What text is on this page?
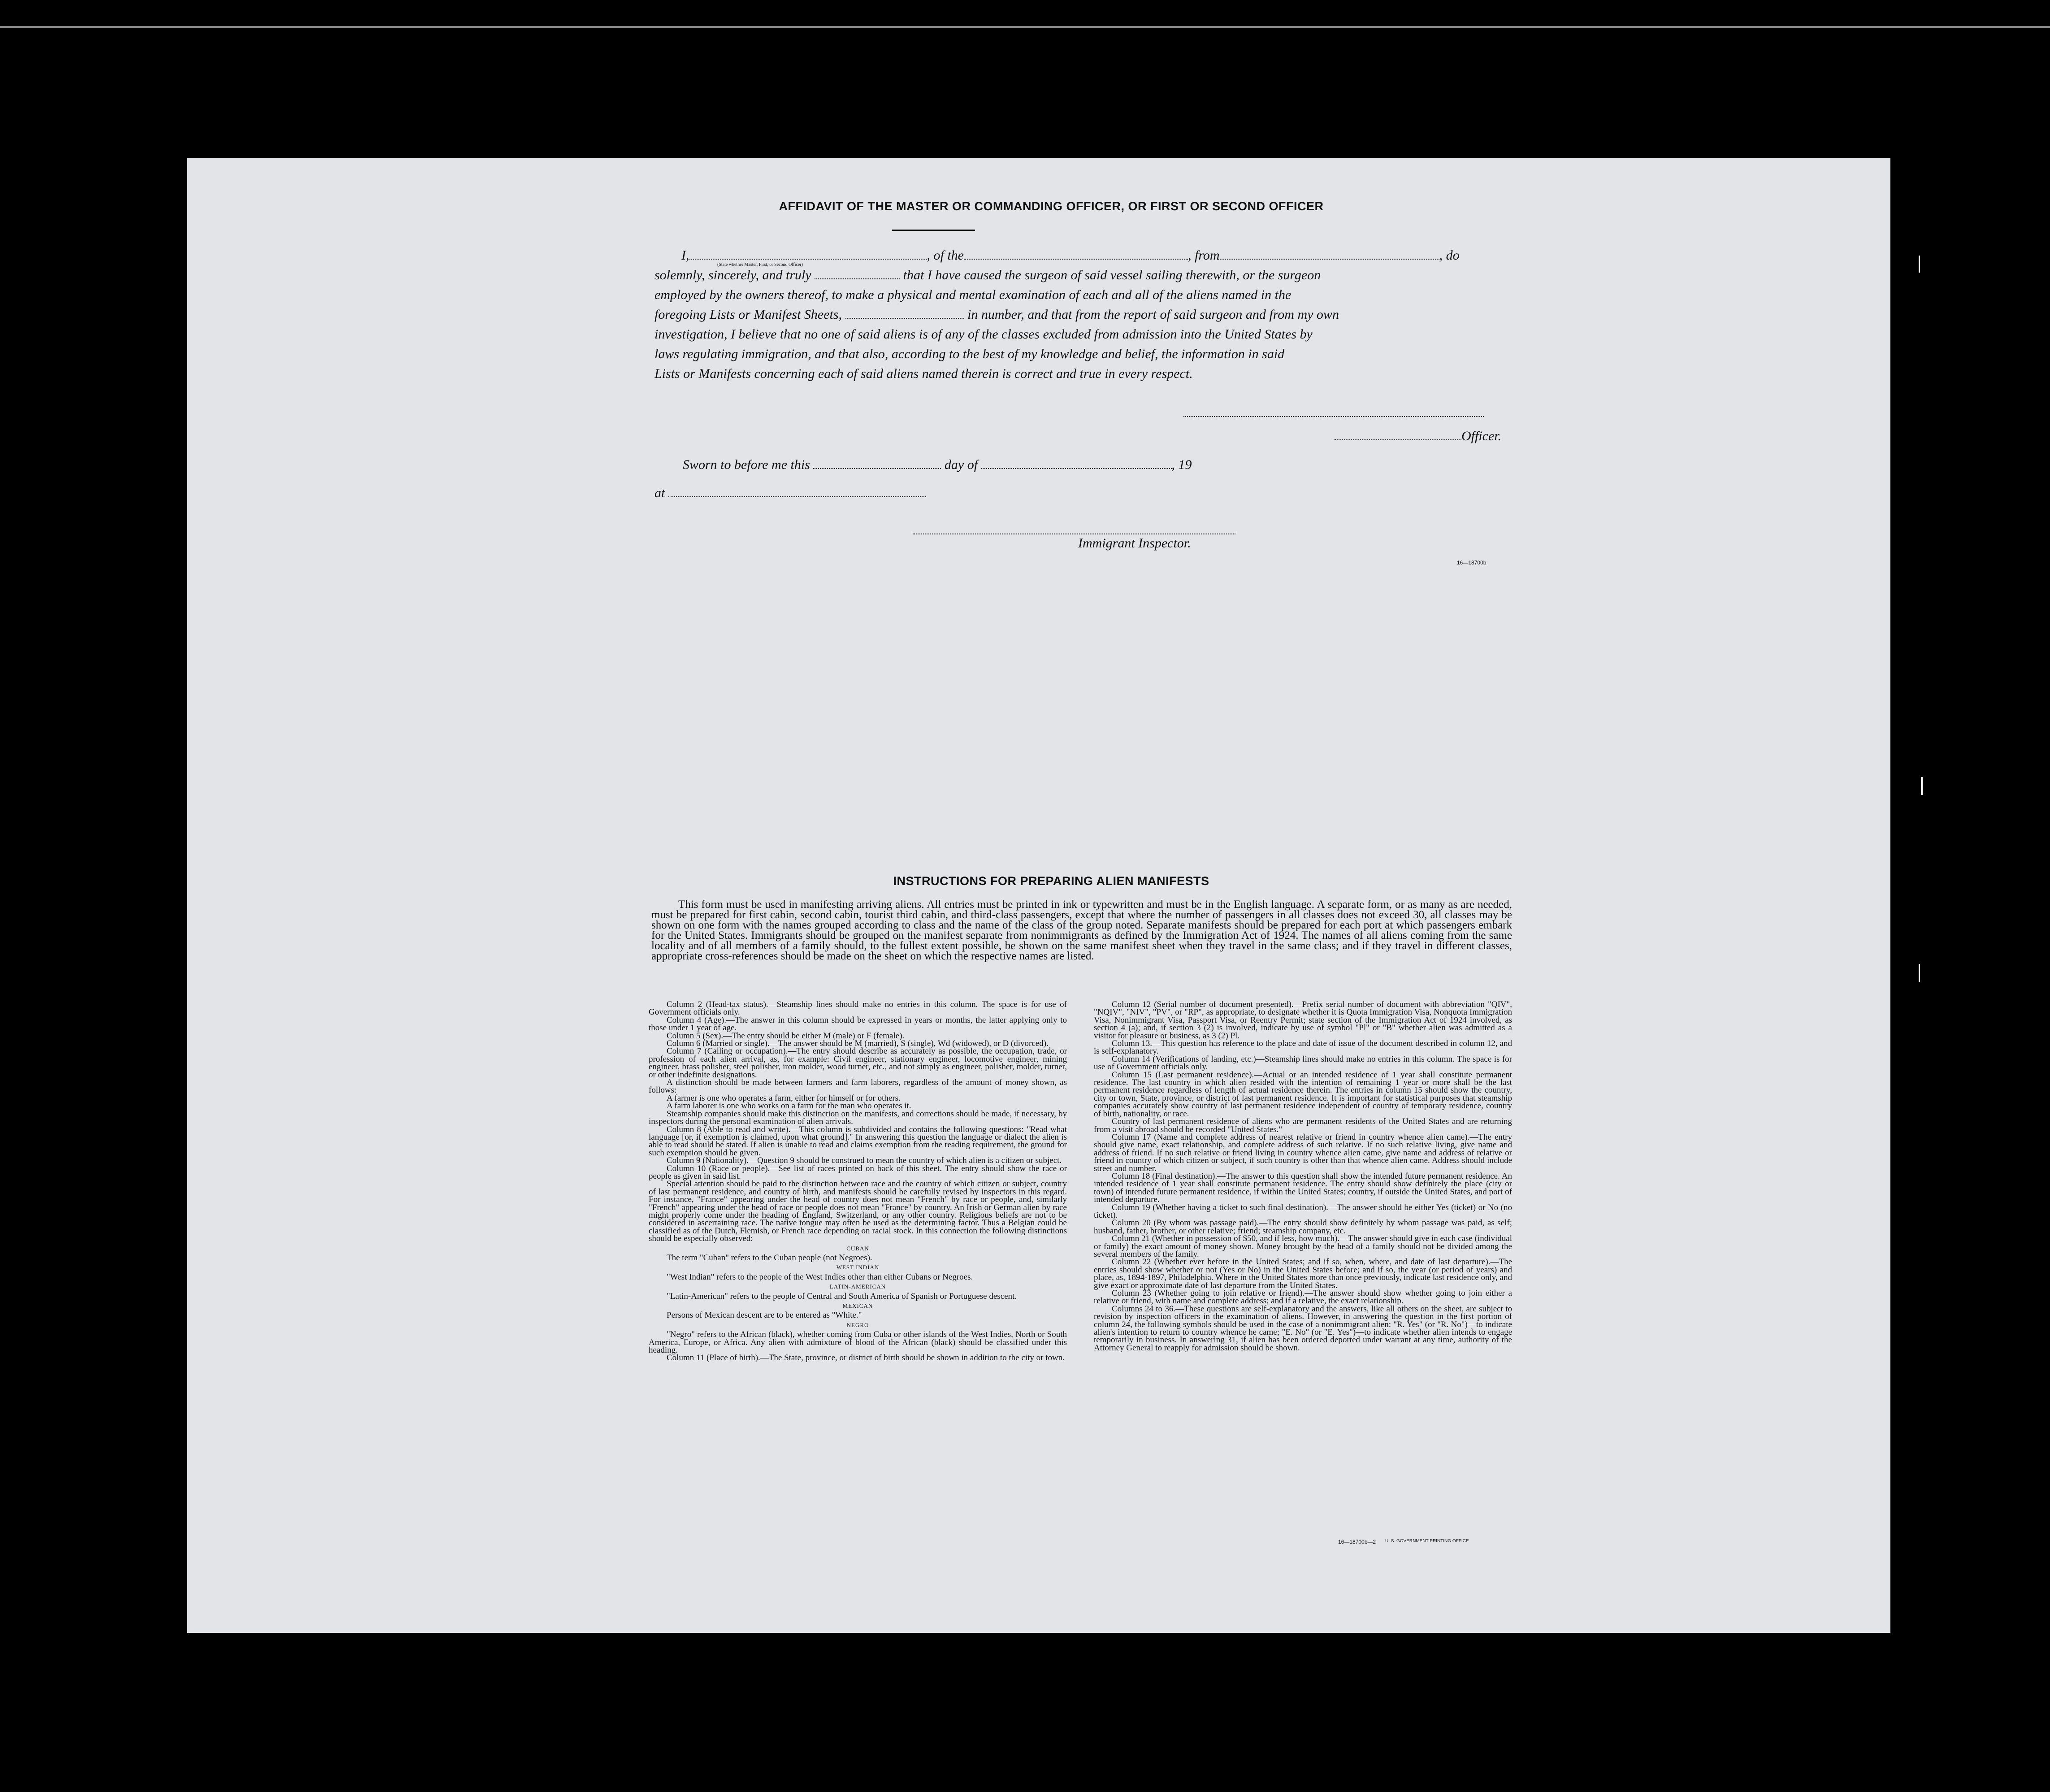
AFFIDAVIT OF THE MASTER OR COMMANDING OFFICER, OR FIRST OR SECOND OFFICER
I,	, of the	, from	, do
(State whether Master, First, or Second Officer)
solemnly, sincerely, and truly	that I have caused the surgeon of said vessel sailing therewith, or the surgeon
employed by the owners thereof, to make a physical and mental examination of each and all of the aliens named in the
foregoing Lists or Manifest Sheets,	in number, and that from the report of said surgeon and from my own
investigation, I believe that no one of said aliens is of any of the classes excluded from admission into the United States by
laws regulating immigration, and that also, according to the best of my knowledge and belief, the information in said
Lists or Manifests concerning each of said aliens named therein is correct and true in every respect.
Officer.
Sworn to before me this	day of	, 19
at
Immigrant Inspector.
16—18700b
INSTRUCTIONS FOR PREPARING ALIEN MANIFESTS
This form must be used in manifesting arriving aliens. All entries must be printed in ink or typewritten and must be in the English language. A separate form, or as many as are needed, must be prepared for first cabin, second cabin, tourist third cabin, and third-class passengers, except that where the number of passengers in all classes does not exceed 30, all classes may be shown on one form with the names grouped according to class and the name of the class of the group noted. Separate manifests should be prepared for each port at which passengers embark for the United States. Immigrants should be grouped on the manifest separate from nonimmigrants as defined by the Immigration Act of 1924. The names of all aliens coming from the same locality and of all members of a family should, to the fullest extent possible, be shown on the same manifest sheet when they travel in the same class; and if they travel in different classes, appropriate cross-references should be made on the sheet on which the respective names are listed.

Column 2 (Head-tax status).—Steamship lines should make no entries in this column. The space is for use of Government officials only.

Column 4 (Age).—The answer in this column should be expressed in years or months, the latter applying only to those under 1 year of age.

Column 5 (Sex).—The entry should be either M (male) or F (female).

Column 6 (Married or single).—The answer should be M (married), S (single), Wd (widowed), or D (divorced).

Column 7 (Calling or occupation).—The entry should describe as accurately as possible, the occupation, trade, or profession of each alien arrival, as, for example: Civil engineer, stationary engineer, locomotive engineer, mining engineer, brass polisher, steel polisher, iron molder, wood turner, etc., and not simply as engineer, polisher, molder, turner, or other indefinite designations.

A distinction should be made between farmers and farm laborers, regardless of the amount of money shown, as follows:

A farmer is one who operates a farm, either for himself or for others.

A farm laborer is one who works on a farm for the man who operates it.

Steamship companies should make this distinction on the manifests, and corrections should be made, if necessary, by inspectors during the personal examination of alien arrivals.

Column 8 (Able to read and write).—This column is subdivided and contains the following questions: "Read what language [or, if exemption is claimed, upon what ground]." In answering this question the language or dialect the alien is able to read should be stated. If alien is unable to read and claims exemption from the reading requirement, the ground for such exemption should be given.

Column 9 (Nationality).—Question 9 should be construed to mean the country of which alien is a citizen or subject.

Column 10 (Race or people).—See list of races printed on back of this sheet. The entry should show the race or people as given in said list.

Special attention should be paid to the distinction between race and the country of which citizen or subject, country of last permanent residence, and country of birth, and manifests should be carefully revised by inspectors in this regard. For instance, "France" appearing under the head of country does not mean "French" by race or people, and, similarly "French" appearing under the head of race or people does not mean "France" by country. An Irish or German alien by race might properly come under the heading of England, Switzerland, or any other country. Religious beliefs are not to be considered in ascertaining race. The native tongue may often be used as the determining factor. Thus a Belgian could be classified as of the Dutch, Flemish, or French race depending on racial stock. In this connection the following distinctions should be especially observed:

CUBAN

The term "Cuban" refers to the Cuban people (not Negroes).

WEST INDIAN

"West Indian" refers to the people of the West Indies other than either Cubans or Negroes.

LATIN-AMERICAN

"Latin-American" refers to the people of Central and South America of Spanish or Portuguese descent.

MEXICAN

Persons of Mexican descent are to be entered as "White."

NEGRO

"Negro" refers to the African (black), whether coming from Cuba or other islands of the West Indies, North or South America, Europe, or Africa. Any alien with admixture of blood of the African (black) should be classified under this heading.

Column 11 (Place of birth).—The State, province, or district of birth should be shown in addition to the city or town.

Column 12 (Serial number of document presented).—Prefix serial number of document with abbreviation "QIV", "NQIV", "NIV", "PV", or "RP", as appropriate, to designate whether it is Quota Immigration Visa, Nonquota Immigration Visa, Nonimmigrant Visa, Passport Visa, or Reentry Permit; state section of the Immigration Act of 1924 involved, as section 4 (a); and, if section 3 (2) is involved, indicate by use of symbol "Pl" or "B" whether alien was admitted as a visitor for pleasure or business, as 3 (2) Pl.

Column 13.—This question has reference to the place and date of issue of the document described in column 12, and is self-explanatory.

Column 14 (Verifications of landing, etc.)—Steamship lines should make no entries in this column. The space is for use of Government officials only.

Column 15 (Last permanent residence).—Actual or an intended residence of 1 year shall constitute permanent residence. The last country in which alien resided with the intention of remaining 1 year or more shall be the last permanent residence regardless of length of actual residence therein. The entries in column 15 should show the country, city or town, State, province, or district of last permanent residence. It is important for statistical purposes that steamship companies accurately show country of last permanent residence independent of country of temporary residence, country of birth, nationality, or race.

Country of last permanent residence of aliens who are permanent residents of the United States and are returning from a visit abroad should be recorded "United States."

Column 17 (Name and complete address of nearest relative or friend in country whence alien came).—The entry should give name, exact relationship, and complete address of such relative. If no such relative living, give name and address of friend. If no such relative or friend living in country whence alien came, give name and address of relative or friend in country of which citizen or subject, if such country is other than that whence alien came. Address should include street and number.

Column 18 (Final destination).—The answer to this question shall show the intended future permanent residence. An intended residence of 1 year shall constitute permanent residence. The entry should show definitely the place (city or town) of intended future permanent residence, if within the United States; country, if outside the United States, and port of intended departure.

Column 19 (Whether having a ticket to such final destination).—The answer should be either Yes (ticket) or No (no ticket).

Column 20 (By whom was passage paid).—The entry should show definitely by whom passage was paid, as self; husband, father, brother, or other relative; friend; steamship company, etc.

Column 21 (Whether in possession of $50, and if less, how much).—The answer should give in each case (individual or family) the exact amount of money shown. Money brought by the head of a family should not be divided among the several members of the family.

Column 22 (Whether ever before in the United States; and if so, when, where, and date of last departure).—The entries should show whether or not (Yes or No) in the United States before; and if so, the year (or period of years) and place, as, 1894-1897, Philadelphia. Where in the United States more than once previously, indicate last residence only, and give exact or approximate date of last departure from the United States.

Column 23 (Whether going to join relative or friend).—The answer should show whether going to join either a relative or friend, with name and complete address; and if a relative, the exact relationship.

Columns 24 to 36.—These questions are self-explanatory and the answers, like all others on the sheet, are subject to revision by inspection officers in the examination of aliens. However, in answering the question in the first portion of column 24, the following symbols should be used in the case of a nonimmigrant alien: "R. Yes" (or "R. No")—to indicate alien's intention to return to country whence he came; "E. No" (or "E. Yes")—to indicate whether alien intends to engage temporarily in business. In answering 31, if alien has been ordered deported under warrant at any time, authority of the Attorney General to reapply for admission should be shown.

16—18700b—2 U. S. GOVERNMENT PRINTING OFFICE
